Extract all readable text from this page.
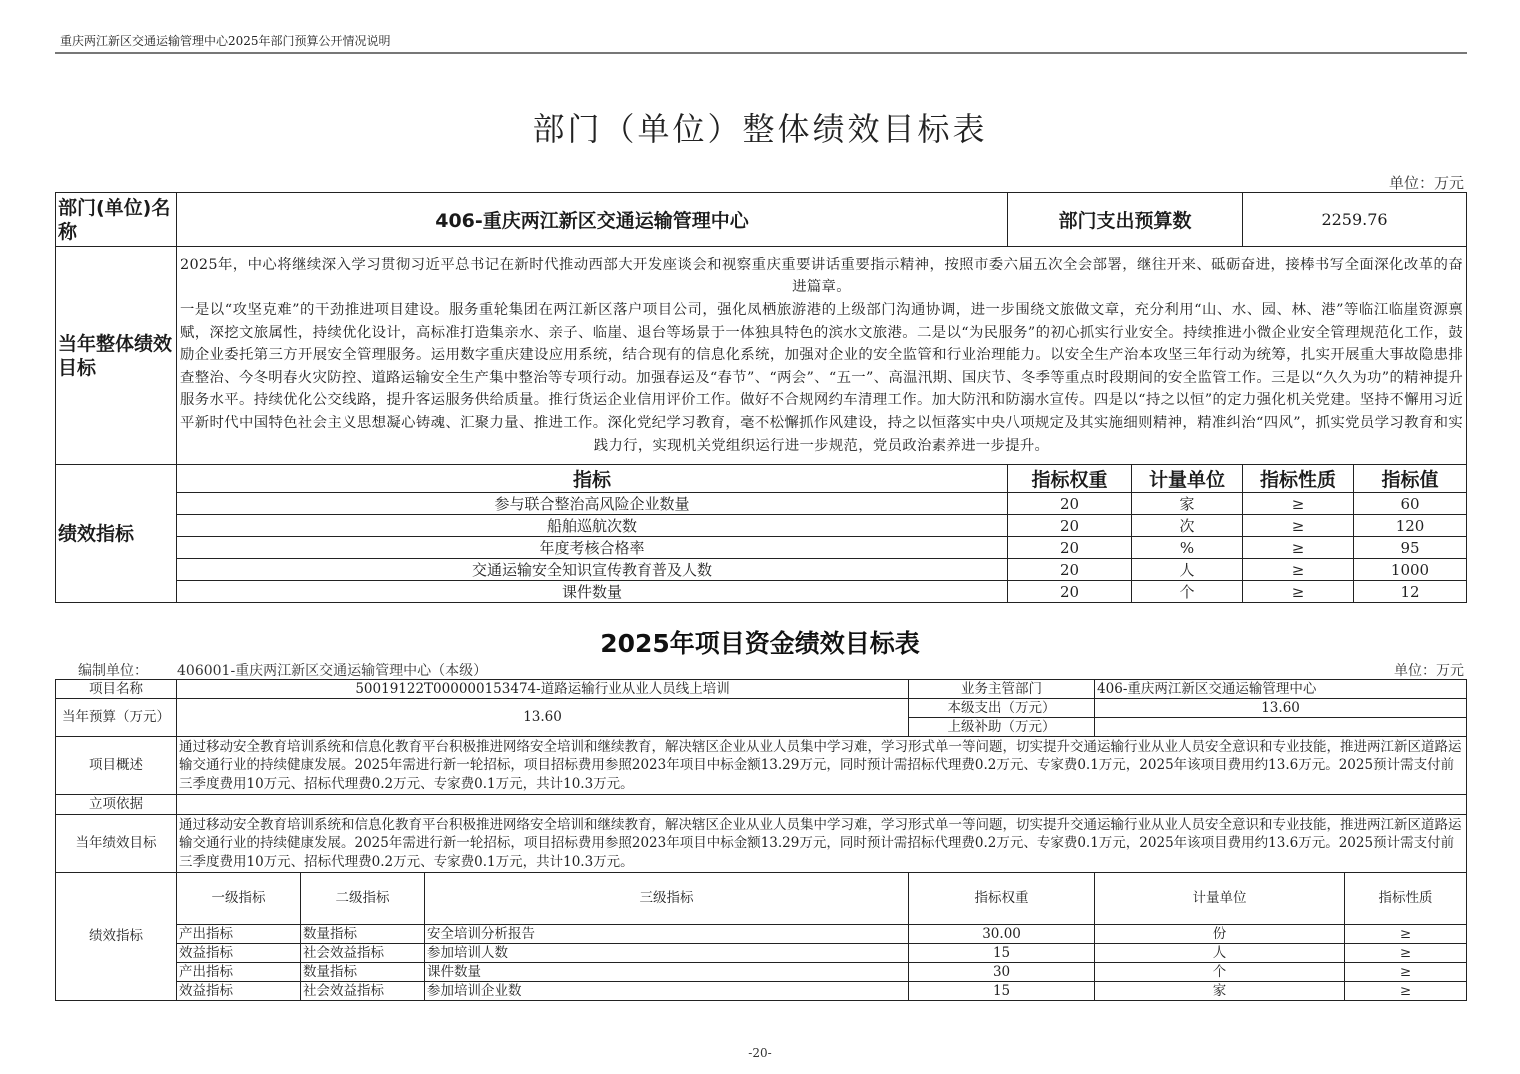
重庆两江新区交通运输管理中心2025年部门预算公开情况说明
部门（单位）整体绩效目标表
单位：万元
部门(单位)名称	406-重庆两江新区交通运输管理中心	部门支出预算数		2259.76	
当年整体绩效目标	2025年，中心将继续深入学习贯彻习近平总书记在新时代推动西部大开发座谈会和视察重庆重要讲话重要指示精神，按照市委六届五次全会部署，继往开来、砥砺奋进，接棒书写全面深化改革的奋进篇章。

一是以“攻坚克难”的干劲推进项目建设。服务重轮集团在两江新区落户项目公司，强化凤栖旅游港的上级部门沟通协调，进一步围绕文旅做文章，充分利用“山、水、园、林、港”等临江临崖资源禀赋，深挖文旅属性，持续优化设计，高标准打造集亲水、亲子、临崖、退台等场景于一体独具特色的滨水文旅港。二是以“为民服务”的初心抓实行业安全。持续推进小微企业安全管理规范化工作，鼓励企业委托第三方开展安全管理服务。运用数字重庆建设应用系统，结合现有的信息化系统，加强对企业的安全监管和行业治理能力。以安全生产治本攻坚三年行动为统筹，扎实开展重大事故隐患排查整治、今冬明春火灾防控、道路运输安全生产集中整治等专项行动。加强春运及“春节”、“两会”、“五一”、高温汛期、国庆节、冬季等重点时段期间的安全监管工作。三是以“久久为功”的精神提升服务水平。持续优化公交线路，提升客运服务供给质量。推行货运企业信用评价工作。做好不合规网约车清理工作。加大防汛和防溺水宣传。四是以“持之以恒”的定力强化机关党建。坚持不懈用习近平新时代中国特色社会主义思想凝心铸魂、汇聚力量、推进工作。深化党纪学习教育，毫不松懈抓作风建设，持之以恒落实中央八项规定及其实施细则精神，精准纠治“四风”，抓实党员学习教育和实践力行，实现机关党组织运行进一步规范，党员政治素养进一步提升。				

绩效指标	指标	指标权重	计量单位	指标性质	指标值
	参与联合整治高风险企业数量	20	家	≥	60
	船舶巡航次数	20	次	≥	120
	年度考核合格率	20	%	≥	95
	交通运输安全知识宣传教育普及人数	20	人	≥	1000
	课件数量	20	个	≥	12
2025年项目资金绩效目标表
编制单位： 406001-重庆两江新区交通运输管理中心（本级）	单位：万元
项目名称	50019122T000000153474-道路运输行业从业人员线上培训			业务主管部门	406-重庆两江新区交通运输管理中心		
当年预算（万元）	13.60			本级支出（万元）	13.60		
				上级补助（万元）			
项目概述	通过移动安全教育培训系统和信息化教育平台积极推进网络安全培训和继续教育，解决辖区企业从业人员集中学习难，学习形式单一等问题，切实提升交通运输行业从业人员安全意识和专业技能，推进两江新区道路运输交通行业的持续健康发展。2025年需进行新一轮招标，项目招标费用参照2023年项目中标金额13.29万元，同时预计需招标代理费0.2万元、专家费0.1万元，2025年该项目费用约13.6万元。2025预计需支付前三季度费用10万元、招标代理费0.2万元、专家费0.1万元，共计10.3万元。						
立项依据							
当年绩效目标	通过移动安全教育培训系统和信息化教育平台积极推进网络安全培训和继续教育，解决辖区企业从业人员集中学习难，学习形式单一等问题，切实提升交通运输行业从业人员安全意识和专业技能，推进两江新区道路运输交通行业的持续健康发展。2025年需进行新一轮招标，项目招标费用参照2023年项目中标金额13.29万元，同时预计需招标代理费0.2万元、专家费0.1万元，2025年该项目费用约13.6万元。2025预计需支付前三季度费用10万元、招标代理费0.2万元、专家费0.1万元，共计10.3万元。						
绩效指标	一级指标	二级指标	三级指标	指标权重	计量单位	指标性质	
	产出指标	数量指标	安全培训分析报告	30.00	份	≥	
	效益指标	社会效益指标	参加培训人数	15	人	≥	
	产出指标	数量指标	课件数量	30	个	≥	
	效益指标	社会效益指标	参加培训企业数	15	家	≥	
-20-
